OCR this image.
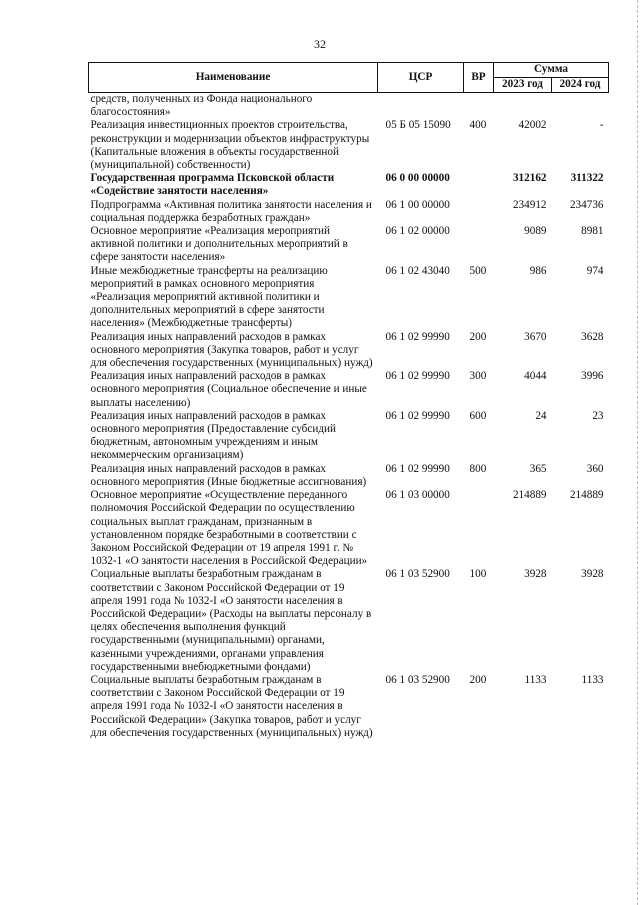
32
Наименование	ЦСР	ВР	Сумма	
			2023 год	2024 год
средств, полученных из Фонда национального благосостояния»				
Реализация инвестиционных проектов строительства, реконструкции и модернизации объектов инфраструктуры (Капитальные вложения в объекты государственной (муниципальной) собственности)	05 Б 05 15090	400	42002	-
Государственная программа Псковской области «Содействие занятости населения»	06 0 00 00000		312162	311322
Подпрограмма «Активная политика занятости населения и социальная поддержка безработных граждан»	06 1 00 00000		234912	234736
Основное мероприятие «Реализация мероприятий активной политики и дополнительных мероприятий в сфере занятости населения»	06 1 02 00000		9089	8981
Иные межбюджетные трансферты на реализацию мероприятий в рамках основного мероприятия «Реализация мероприятий активной политики и дополнительных мероприятий в сфере занятости населения» (Межбюджетные трансферты)	06 1 02 43040	500	986	974
Реализация иных направлений расходов в рамках основного мероприятия (Закупка товаров, работ и услуг для обеспечения государственных (муниципальных) нужд)	06 1 02 99990	200	3670	3628
Реализация иных направлений расходов в рамках основного мероприятия (Социальное обеспечение и иные выплаты населению)	06 1 02 99990	300	4044	3996
Реализация иных направлений расходов в рамках основного мероприятия (Предоставление субсидий бюджетным, автономным учреждениям и иным некоммерческим организациям)	06 1 02 99990	600	24	23
Реализация иных направлений расходов в рамках основного мероприятия (Иные бюджетные ассигнования)	06 1 02 99990	800	365	360
Основное мероприятие «Осуществление переданного полномочия Российской Федерации по осуществлению социальных выплат гражданам, признанным в установленном порядке безработными в соответствии с Законом Российской Федерации от 19 апреля 1991 г. № 1032-1 «О занятости населения в Российской Федерации»	06 1 03 00000		214889	214889
Социальные выплаты безработным гражданам в соответствии с Законом Российской Федерации от 19 апреля 1991 года № 1032-I «О занятости населения в Российской Федерации» (Расходы на выплаты персоналу в целях обеспечения выполнения функций государственными (муниципальными) органами, казенными учреждениями, органами управления государственными внебюджетными фондами)	06 1 03 52900	100	3928	3928
Социальные выплаты безработным гражданам в соответствии с Законом Российской Федерации от 19 апреля 1991 года № 1032-I «О занятости населения в Российской Федерации» (Закупка товаров, работ и услуг для обеспечения государственных (муниципальных) нужд)	06 1 03 52900	200	1133	1133
